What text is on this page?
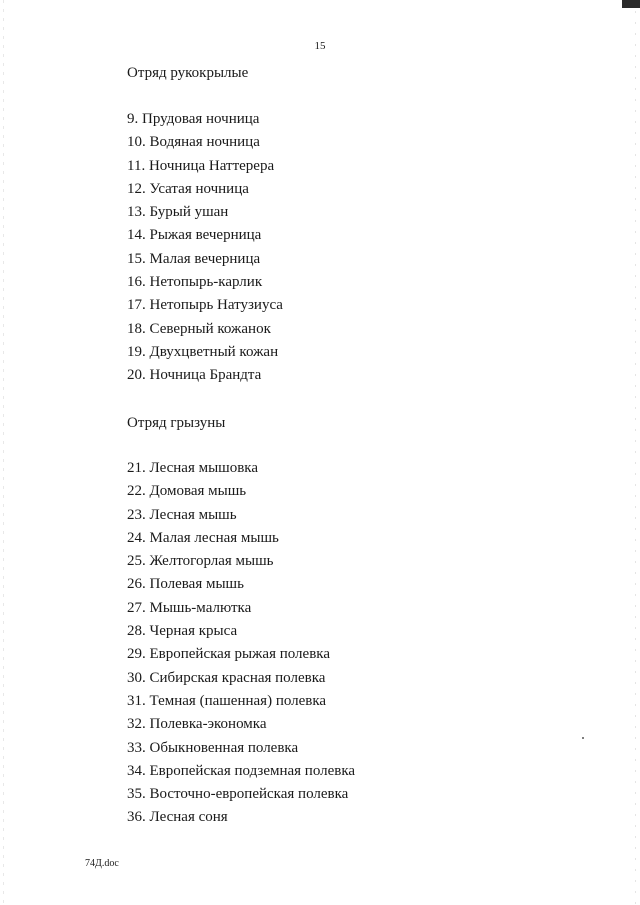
15
Отряд рукокрылые
9. Прудовая ночница
10. Водяная ночница
11. Ночница Наттерера
12. Усатая ночница
13. Бурый ушан
14. Рыжая вечерница
15. Малая вечерница
16. Нетопырь-карлик
17. Нетопырь Натузиуса
18. Северный кожанок
19. Двухцветный кожан
20. Ночница Брандта
Отряд грызуны
21. Лесная мышовка
22. Домовая мышь
23. Лесная мышь
24. Малая лесная мышь
25. Желтогорлая мышь
26. Полевая мышь
27. Мышь-малютка
28. Черная крыса
29. Европейская рыжая полевка
30. Сибирская красная полевка
31. Темная (пашенная) полевка
32. Полевка-экономка
33. Обыкновенная полевка
34. Европейская подземная полевка
35. Восточно-европейская полевка
36. Лесная соня
74Д.doc
